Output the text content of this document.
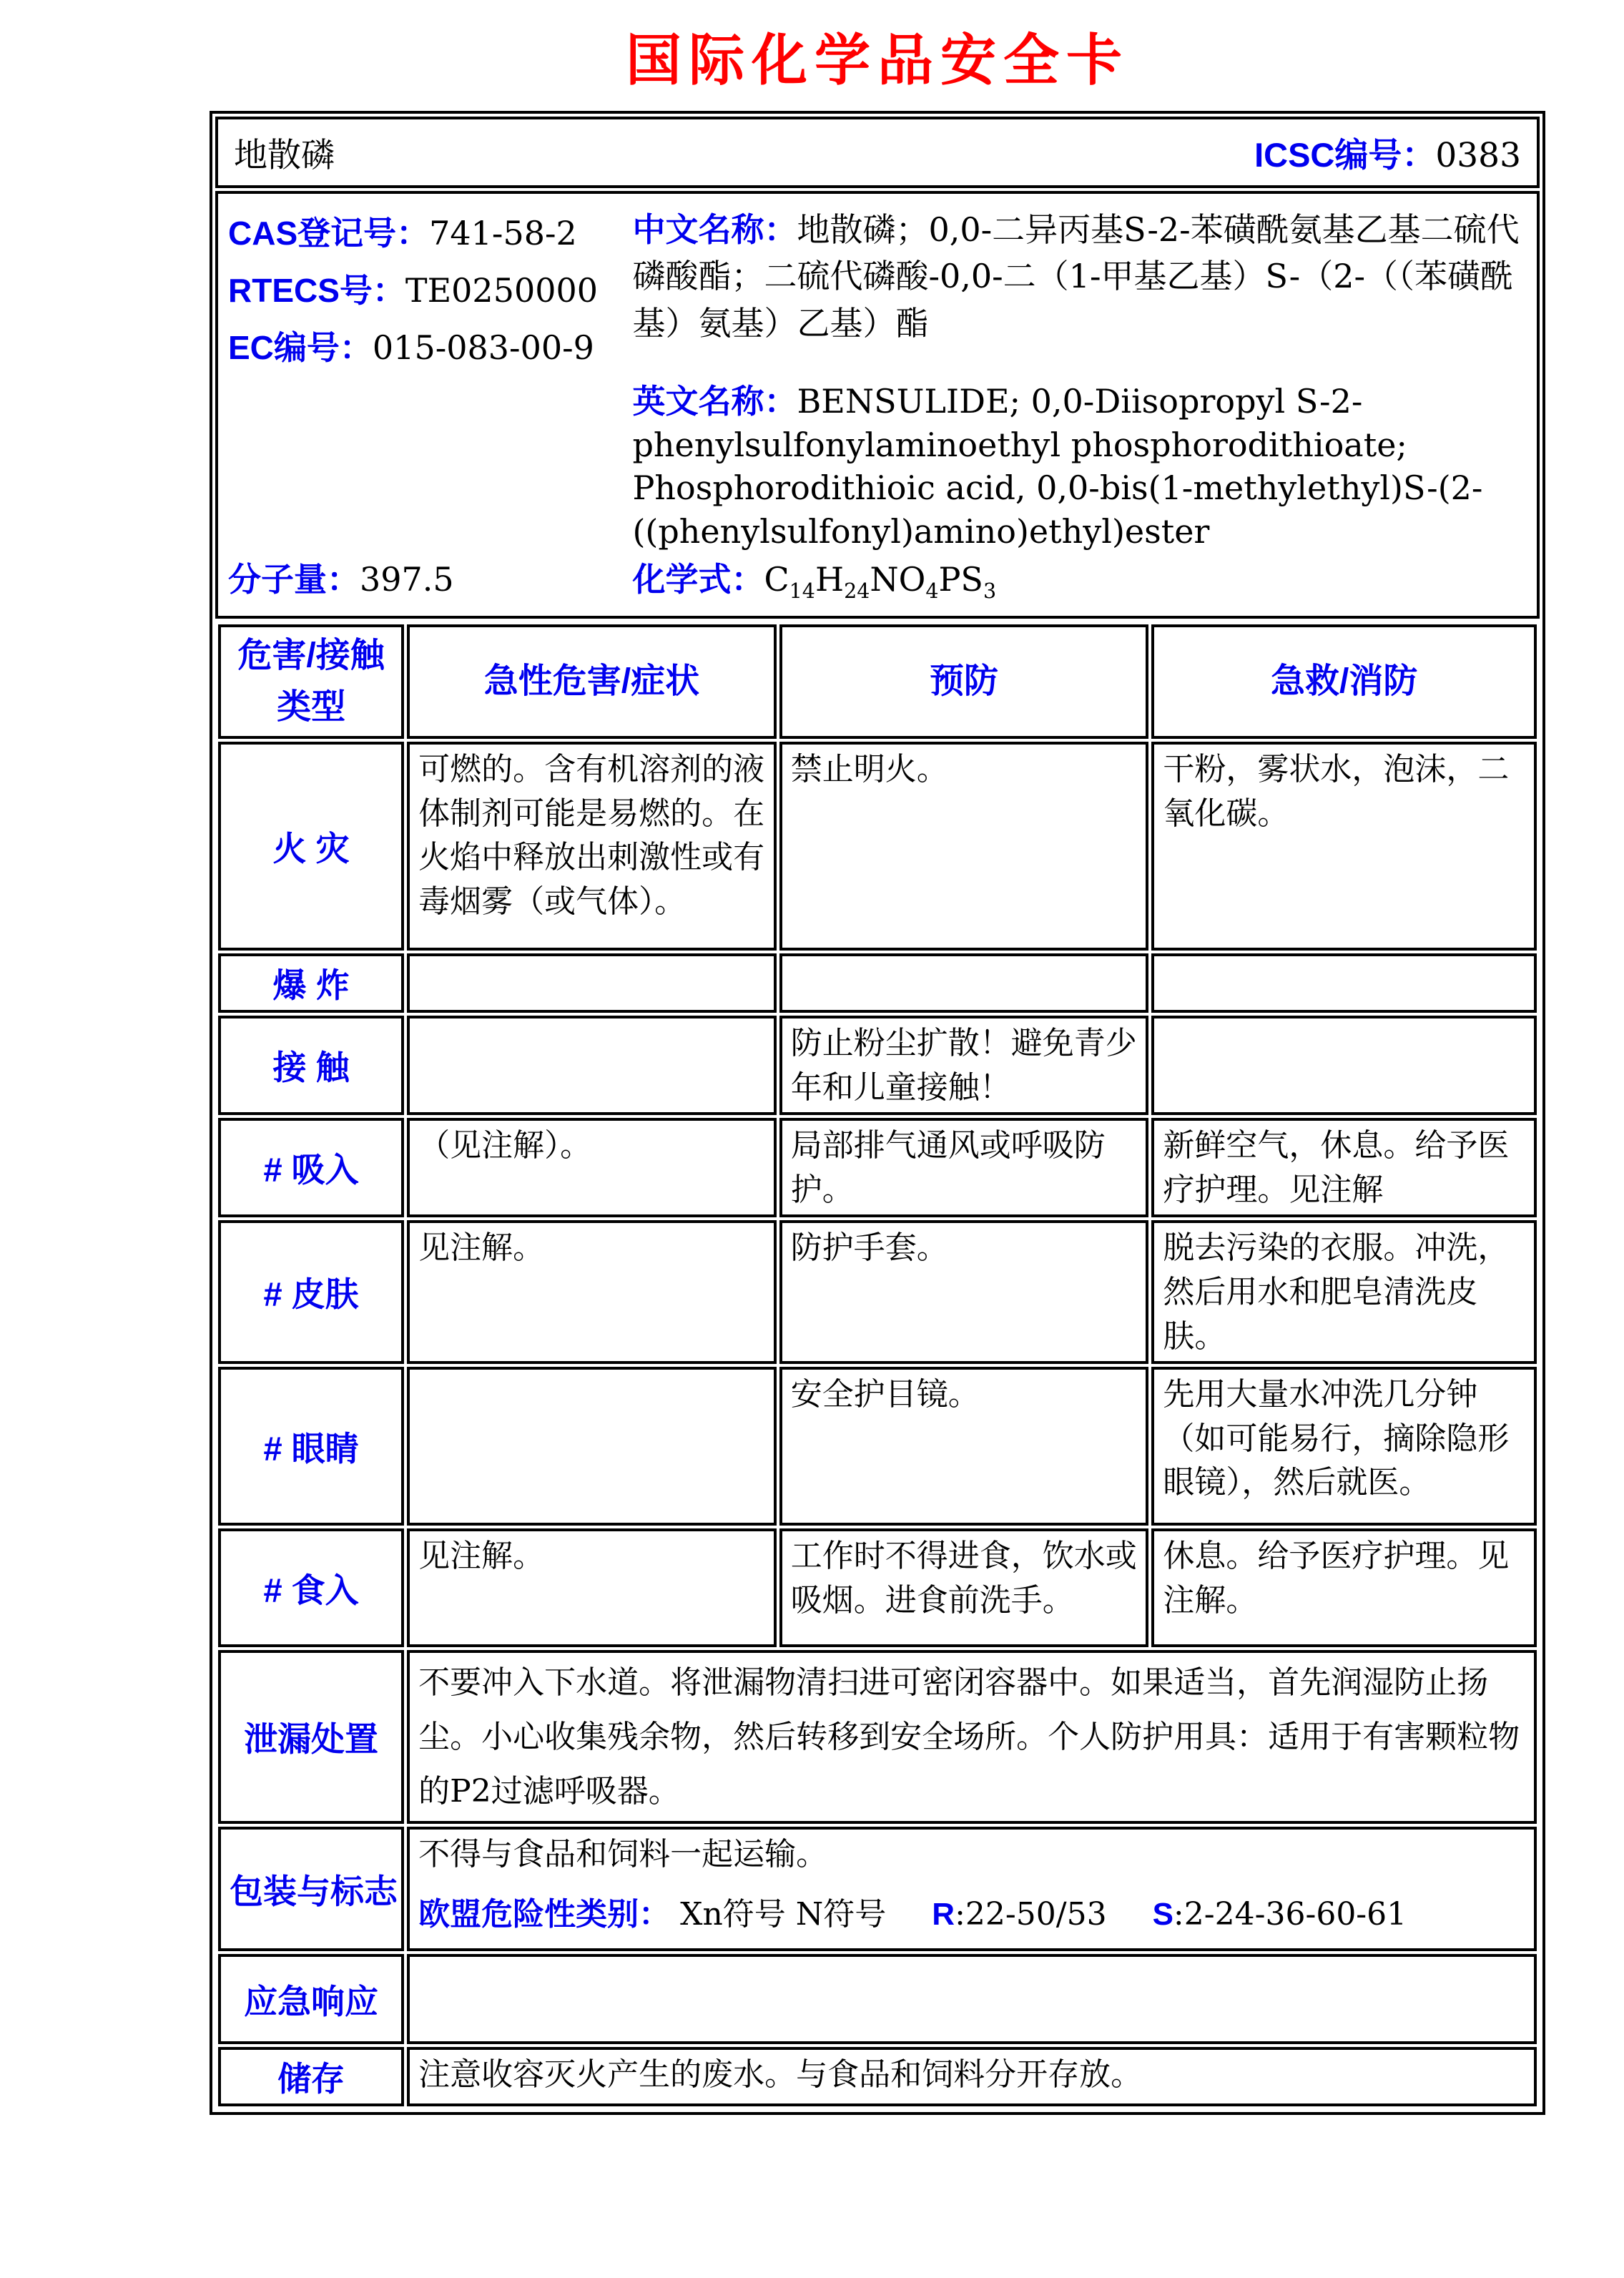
国际化学品安全卡
地散磷	ICSC编号：0383
CAS登记号：741-58-2
RTECS号：TE0250000
EC编号：015-083-00-9
分子量：397.5

中文名称：地散磷；0,0-二异丙基S-2-苯磺酰氨基乙基二硫代磷酸酯；二硫代磷酸-0,0-二（1-甲基乙基）S-（2-（（苯磺酰基）氨基）乙基）酯

英文名称：BENSULIDE; 0,0-Diisopropyl S-2-phenylsulfonylaminoethyl phosphorodithioate; Phosphorodithioic acid, 0,0-bis(1-methylethyl)S-(2-((phenylsulfonyl)amino)ethyl)ester

化学式：$C_{14}H_{24}NO_4PS_3$
危害/接触
类型	急性危害/症状	预防	急救/消防
火 灾	可燃的。含有机溶剂的液体制剂可能是易燃的。在火焰中释放出刺激性或有毒烟雾（或气体）。	禁止明火。	干粉，雾状水，泡沫，二氧化碳。

爆 炸	

接 触		防止粉尘扩散！避免青少年和儿童接触！	

# 吸入	（见注解）。	局部排气通风或呼吸防护。	新鲜空气，休息。给予医疗护理。见注解

# 皮肤	见注解。	防护手套。	脱去污染的衣服。冲洗，然后用水和肥皂清洗皮肤。

# 眼睛		安全护目镜。	先用大量水冲洗几分钟（如可能易行，摘除隐形眼镜），然后就医。

# 食入	见注解。	工作时不得进食，饮水或吸烟。进食前洗手。	休息。给予医疗护理。见注解。

泄漏处置	不要冲入下水道。将泄漏物清扫进可密闭容器中。如果适当，首先润湿防止扬尘。小心收集残余物，然后转移到安全场所。个人防护用具：适用于有害颗粒物的P2过滤呼吸器。		

包装与标志	不得与食品和饲料一起运输。
欧盟危险性类别： Xn符号 N符号 R:22-50/53 S:2-24-36-60-61		

应急响应			

储存	注意收容灭火产生的废水。与食品和饲料分开存放。		
